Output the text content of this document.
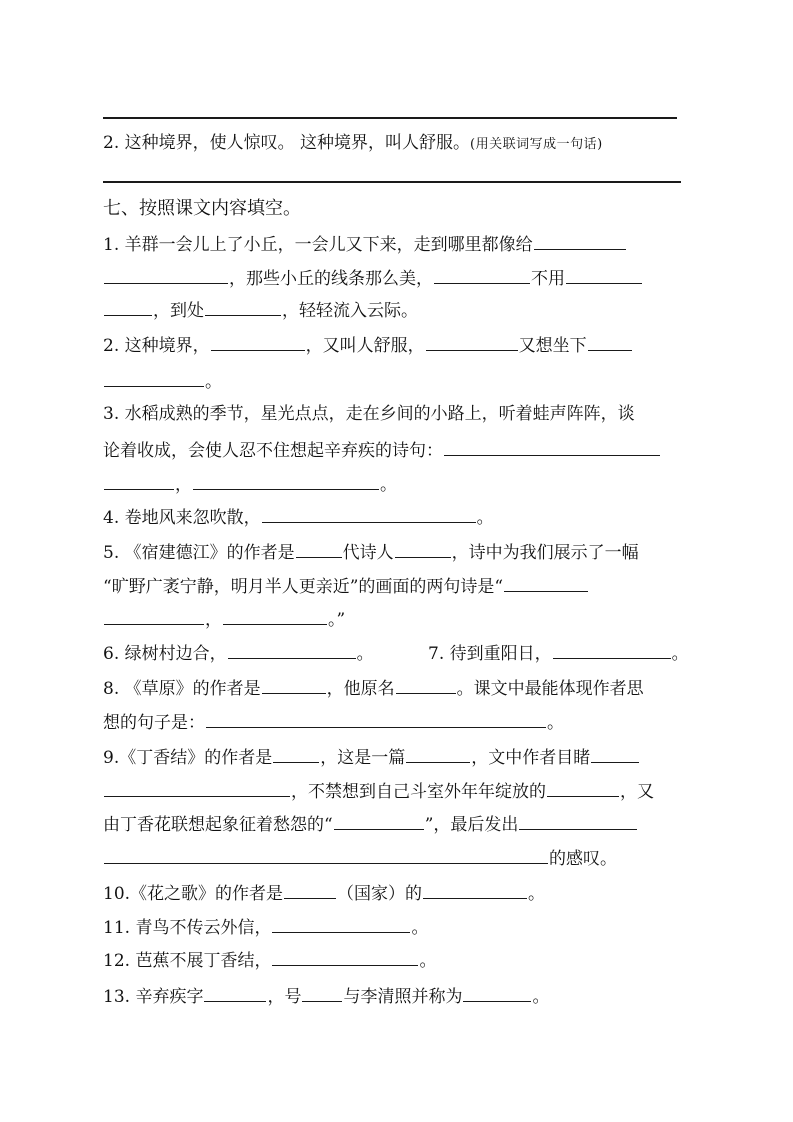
2. 这种境界，使人惊叹。 这种境界，叫人舒服。(用关联词写成一句话)
七、按照课文内容填空。
1. 羊群一会儿上了小丘，一会儿又下来，走到哪里都像给
，那些小丘的线条那么美，	不用
，到处	，轻轻流入云际。
2. 这种境界，	，又叫人舒服，	又想坐下
。
3. 水稻成熟的季节，星光点点，走在乡间的小路上，听着蛙声阵阵，谈
论着收成，会使人忍不住想起辛弃疾的诗句：
，	。
4. 卷地风来忽吹散，	。
5. 《宿建德江》的作者是	代诗人	，诗中为我们展示了一幅
“旷野广袤宁静，明月半人更亲近”的画面的两句诗是“
，	。”
6. 绿树村边合，	。	7. 待到重阳日，	。
8. 《草原》的作者是	，他原名	。课文中最能体现作者思
想的句子是：	。
9.《丁香结》的作者是	，这是一篇	，文中作者目睹
，不禁想到自己斗室外年年绽放的	，又
由丁香花联想起象征着愁怨的“	”，最后发出
的感叹。
10.《花之歌》的作者是	（国家）的	。
11. 青鸟不传云外信，	。
12. 芭蕉不展丁香结，	。
13. 辛弃疾字	，号 与李清照并称为	。
